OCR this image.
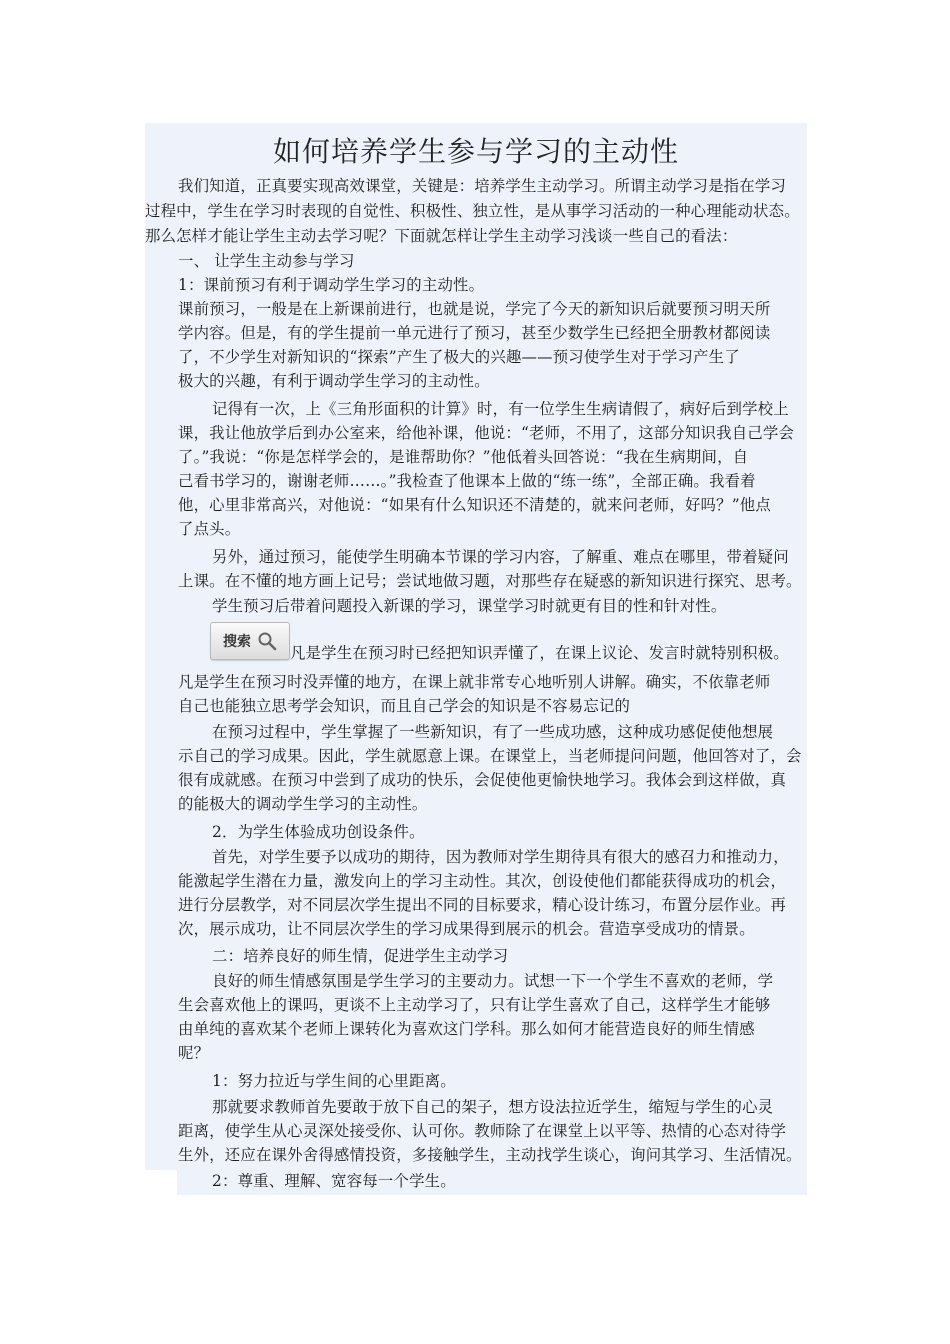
如何培养学生参与学习的主动性
我们知道，正真要实现高效课堂，关键是：培养学生主动学习。所谓主动学习是指在学习
过程中，学生在学习时表现的自觉性、积极性、独立性，是从事学习活动的一种心理能动状态。
那么怎样才能让学生主动去学习呢？下面就怎样让学生主动学习浅谈一些自己的看法：
一、 让学生主动参与学习
1：课前预习有利于调动学生学习的主动性。
课前预习，一般是在上新课前进行，也就是说，学完了今天的新知识后就要预习明天所
学内容。但是，有的学生提前一单元进行了预习，甚至少数学生已经把全册教材都阅读
了，不少学生对新知识的“探索”产生了极大的兴趣——预习使学生对于学习产生了
极大的兴趣，有利于调动学生学习的主动性。
记得有一次，上《三角形面积的计算》时，有一位学生生病请假了，病好后到学校上
课，我让他放学后到办公室来，给他补课，他说：“老师，不用了，这部分知识我自己学会
了。”我说：“你是怎样学会的，是谁帮助你？”他低着头回答说：“我在生病期间，自
己看书学习的，谢谢老师……。”我检查了他课本上做的“练一练”，全部正确。我看着
他，心里非常高兴，对他说：“如果有什么知识还不清楚的，就来问老师，好吗？”他点
了点头。
另外，通过预习，能使学生明确本节课的学习内容，了解重、难点在哪里，带着疑问
上课。在不懂的地方画上记号；尝试地做习题，对那些存在疑惑的新知识进行探究、思考。
学生预习后带着问题投入新课的学习，课堂学习时就更有目的性和针对性。
凡是学生在预习时已经把知识弄懂了，在课上议论、发言时就特别积极。
凡是学生在预习时没弄懂的地方，在课上就非常专心地听别人讲解。确实，不依靠老师
自己也能独立思考学会知识，而且自己学会的知识是不容易忘记的
在预习过程中，学生掌握了一些新知识，有了一些成功感，这种成功感促使他想展
示自己的学习成果。因此，学生就愿意上课。在课堂上，当老师提问问题，他回答对了，会
很有成就感。在预习中尝到了成功的快乐，会促使他更愉快地学习。我体会到这样做，真
的能极大的调动学生学习的主动性。
2．为学生体验成功创设条件。
首先，对学生要予以成功的期待，因为教师对学生期待具有很大的感召力和推动力，
能激起学生潜在力量，激发向上的学习主动性。其次，创设使他们都能获得成功的机会，
进行分层教学，对不同层次学生提出不同的目标要求，精心设计练习，布置分层作业。再
次，展示成功，让不同层次学生的学习成果得到展示的机会。营造享受成功的情景。
二：培养良好的师生情，促进学生主动学习
良好的师生情感氛围是学生学习的主要动力。试想一下一个学生不喜欢的老师，学
生会喜欢他上的课吗，更谈不上主动学习了，只有让学生喜欢了自己，这样学生才能够
由单纯的喜欢某个老师上课转化为喜欢这门学科。那么如何才能营造良好的师生情感
呢？
1：努力拉近与学生间的心里距离。
那就要求教师首先要敢于放下自己的架子，想方设法拉近学生，缩短与学生的心灵
距离，使学生从心灵深处接受你、认可你。教师除了在课堂上以平等、热情的心态对待学
生外，还应在课外舍得感情投资，多接触学生，主动找学生谈心，询问其学习、生活情况。
2：尊重、理解、宽容每一个学生。
搜索
